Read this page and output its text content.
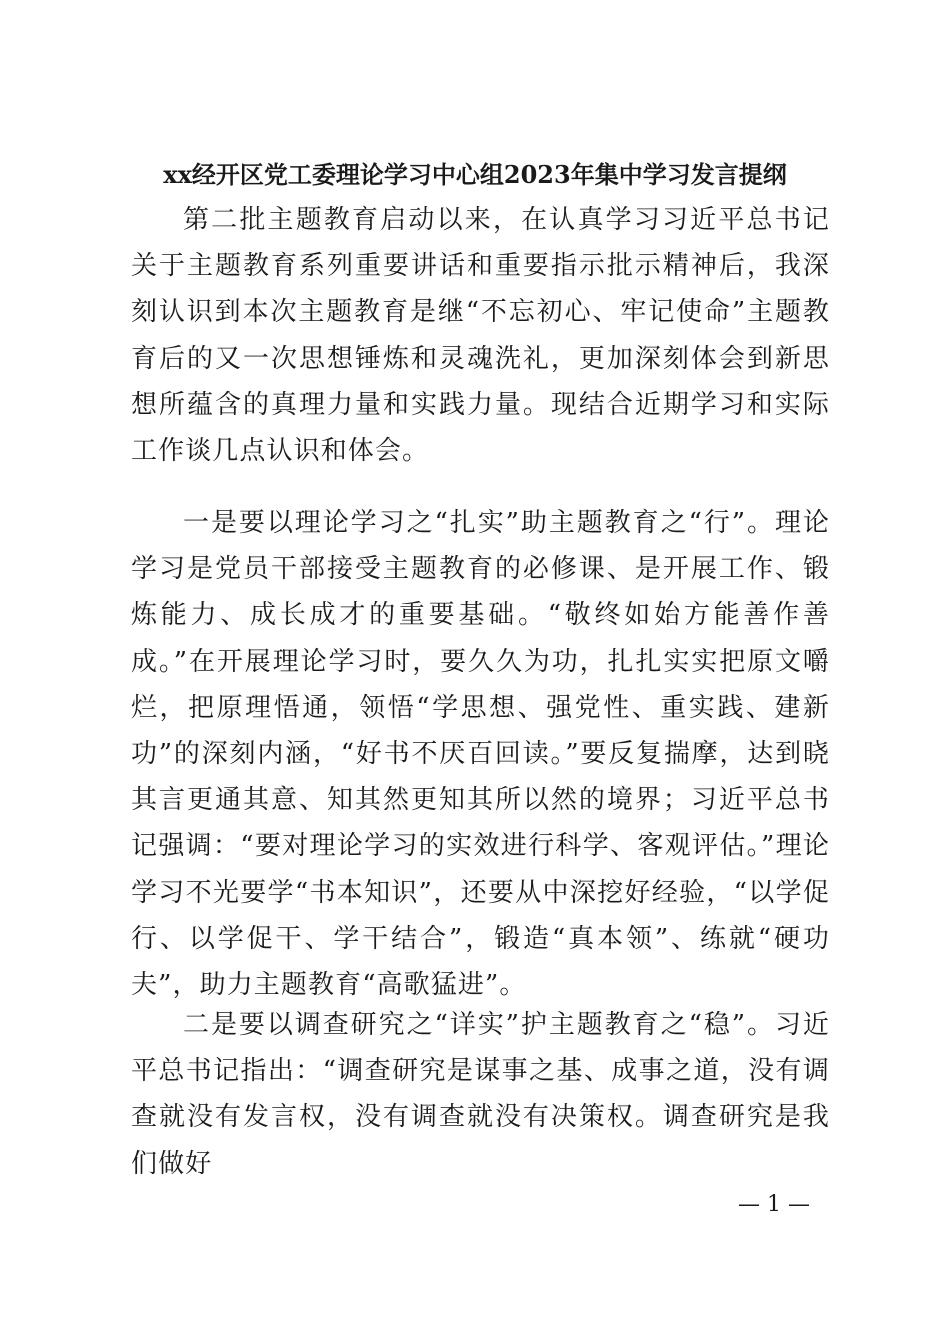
xx经开区党工委理论学习中心组2023年集中学习发言提纲

第二批主题教育启动以来，在认真学习习近平总书记关于主题教育系列重要讲话和重要指示批示精神后，我深刻认识到本次主题教育是继“不忘初心、牢记使命”主题教育后的又一次思想锤炼和灵魂洗礼，更加深刻体会到新思想所蕴含的真理力量和实践力量。现结合近期学习和实际工作谈几点认识和体会。

一是要以理论学习之“扎实”助主题教育之“行”。理论学习是党员干部接受主题教育的必修课、是开展工作、锻炼能力、成长成才的重要基础。“敬终如始方能善作善成。”在开展理论学习时，要久久为功，扎扎实实把原文嚼烂，把原理悟通，领悟“学思想、强党性、重实践、建新功”的深刻内涵，“好书不厌百回读。”要反复揣摩，达到晓其言更通其意、知其然更知其所以然的境界；习近平总书记强调：“要对理论学习的实效进行科学、客观评估。”理论学习不光要学“书本知识”，还要从中深挖好经验，“以学促行、以学促干、学干结合”，锻造“真本领”、练就“硬功夫”，助力主题教育“高歌猛进”。

二是要以调查研究之“详实”护主题教育之“稳”。习近平总书记指出：“调查研究是谋事之基、成事之道，没有调查就没有发言权，没有调查就没有决策权。调查研究是我们做好

— 1 —
